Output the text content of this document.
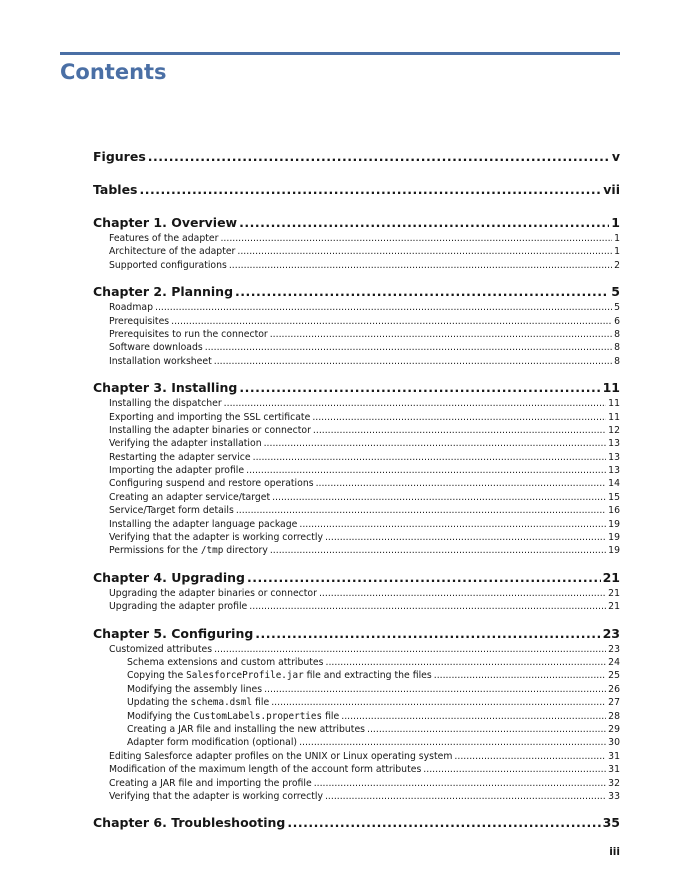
Contents
Figures .....	v
Tables .....	vii
Chapter 1. Overview .....	1
Features of the adapter .....	1
Architecture of the adapter .....	1
Supported configurations .....	2
Chapter 2. Planning .....	5
Roadmap .....	5
Prerequisites .....	6
Prerequisites to run the connector .....	8
Software downloads .....	8
Installation worksheet .....	8
Chapter 3. Installing .....	11
Installing the dispatcher .....	11
Exporting and importing the SSL certificate .....	11
Installing the adapter binaries or connector .....	12
Verifying the adapter installation .....	13
Restarting the adapter service .....	13
Importing the adapter profile .....	13
Configuring suspend and restore operations .....	14
Creating an adapter service/target .....	15
Service/Target form details .....	16
Installing the adapter language package .....	19
Verifying that the adapter is working correctly .....	19
Permissions for the /tmp directory .....	19
Chapter 4. Upgrading .....	21
Upgrading the adapter binaries or connector .....	21
Upgrading the adapter profile .....	21
Chapter 5. Configuring .....	23
Customized attributes .....	23
Schema extensions and custom attributes .....	24
Copying the SalesforceProfile.jar file and extracting the files .....	25
Modifying the assembly lines .....	26
Updating the schema.dsml file .....	27
Modifying the CustomLabels.properties file .....	28
Creating a JAR file and installing the new attributes .....	29
Adapter form modification (optional) .....	30
Editing Salesforce adapter profiles on the UNIX or Linux operating system .....	31
Modification of the maximum length of the account form attributes .....	31
Creating a JAR file and importing the profile .....	32
Verifying that the adapter is working correctly .....	33
Chapter 6. Troubleshooting .....	35
iii
